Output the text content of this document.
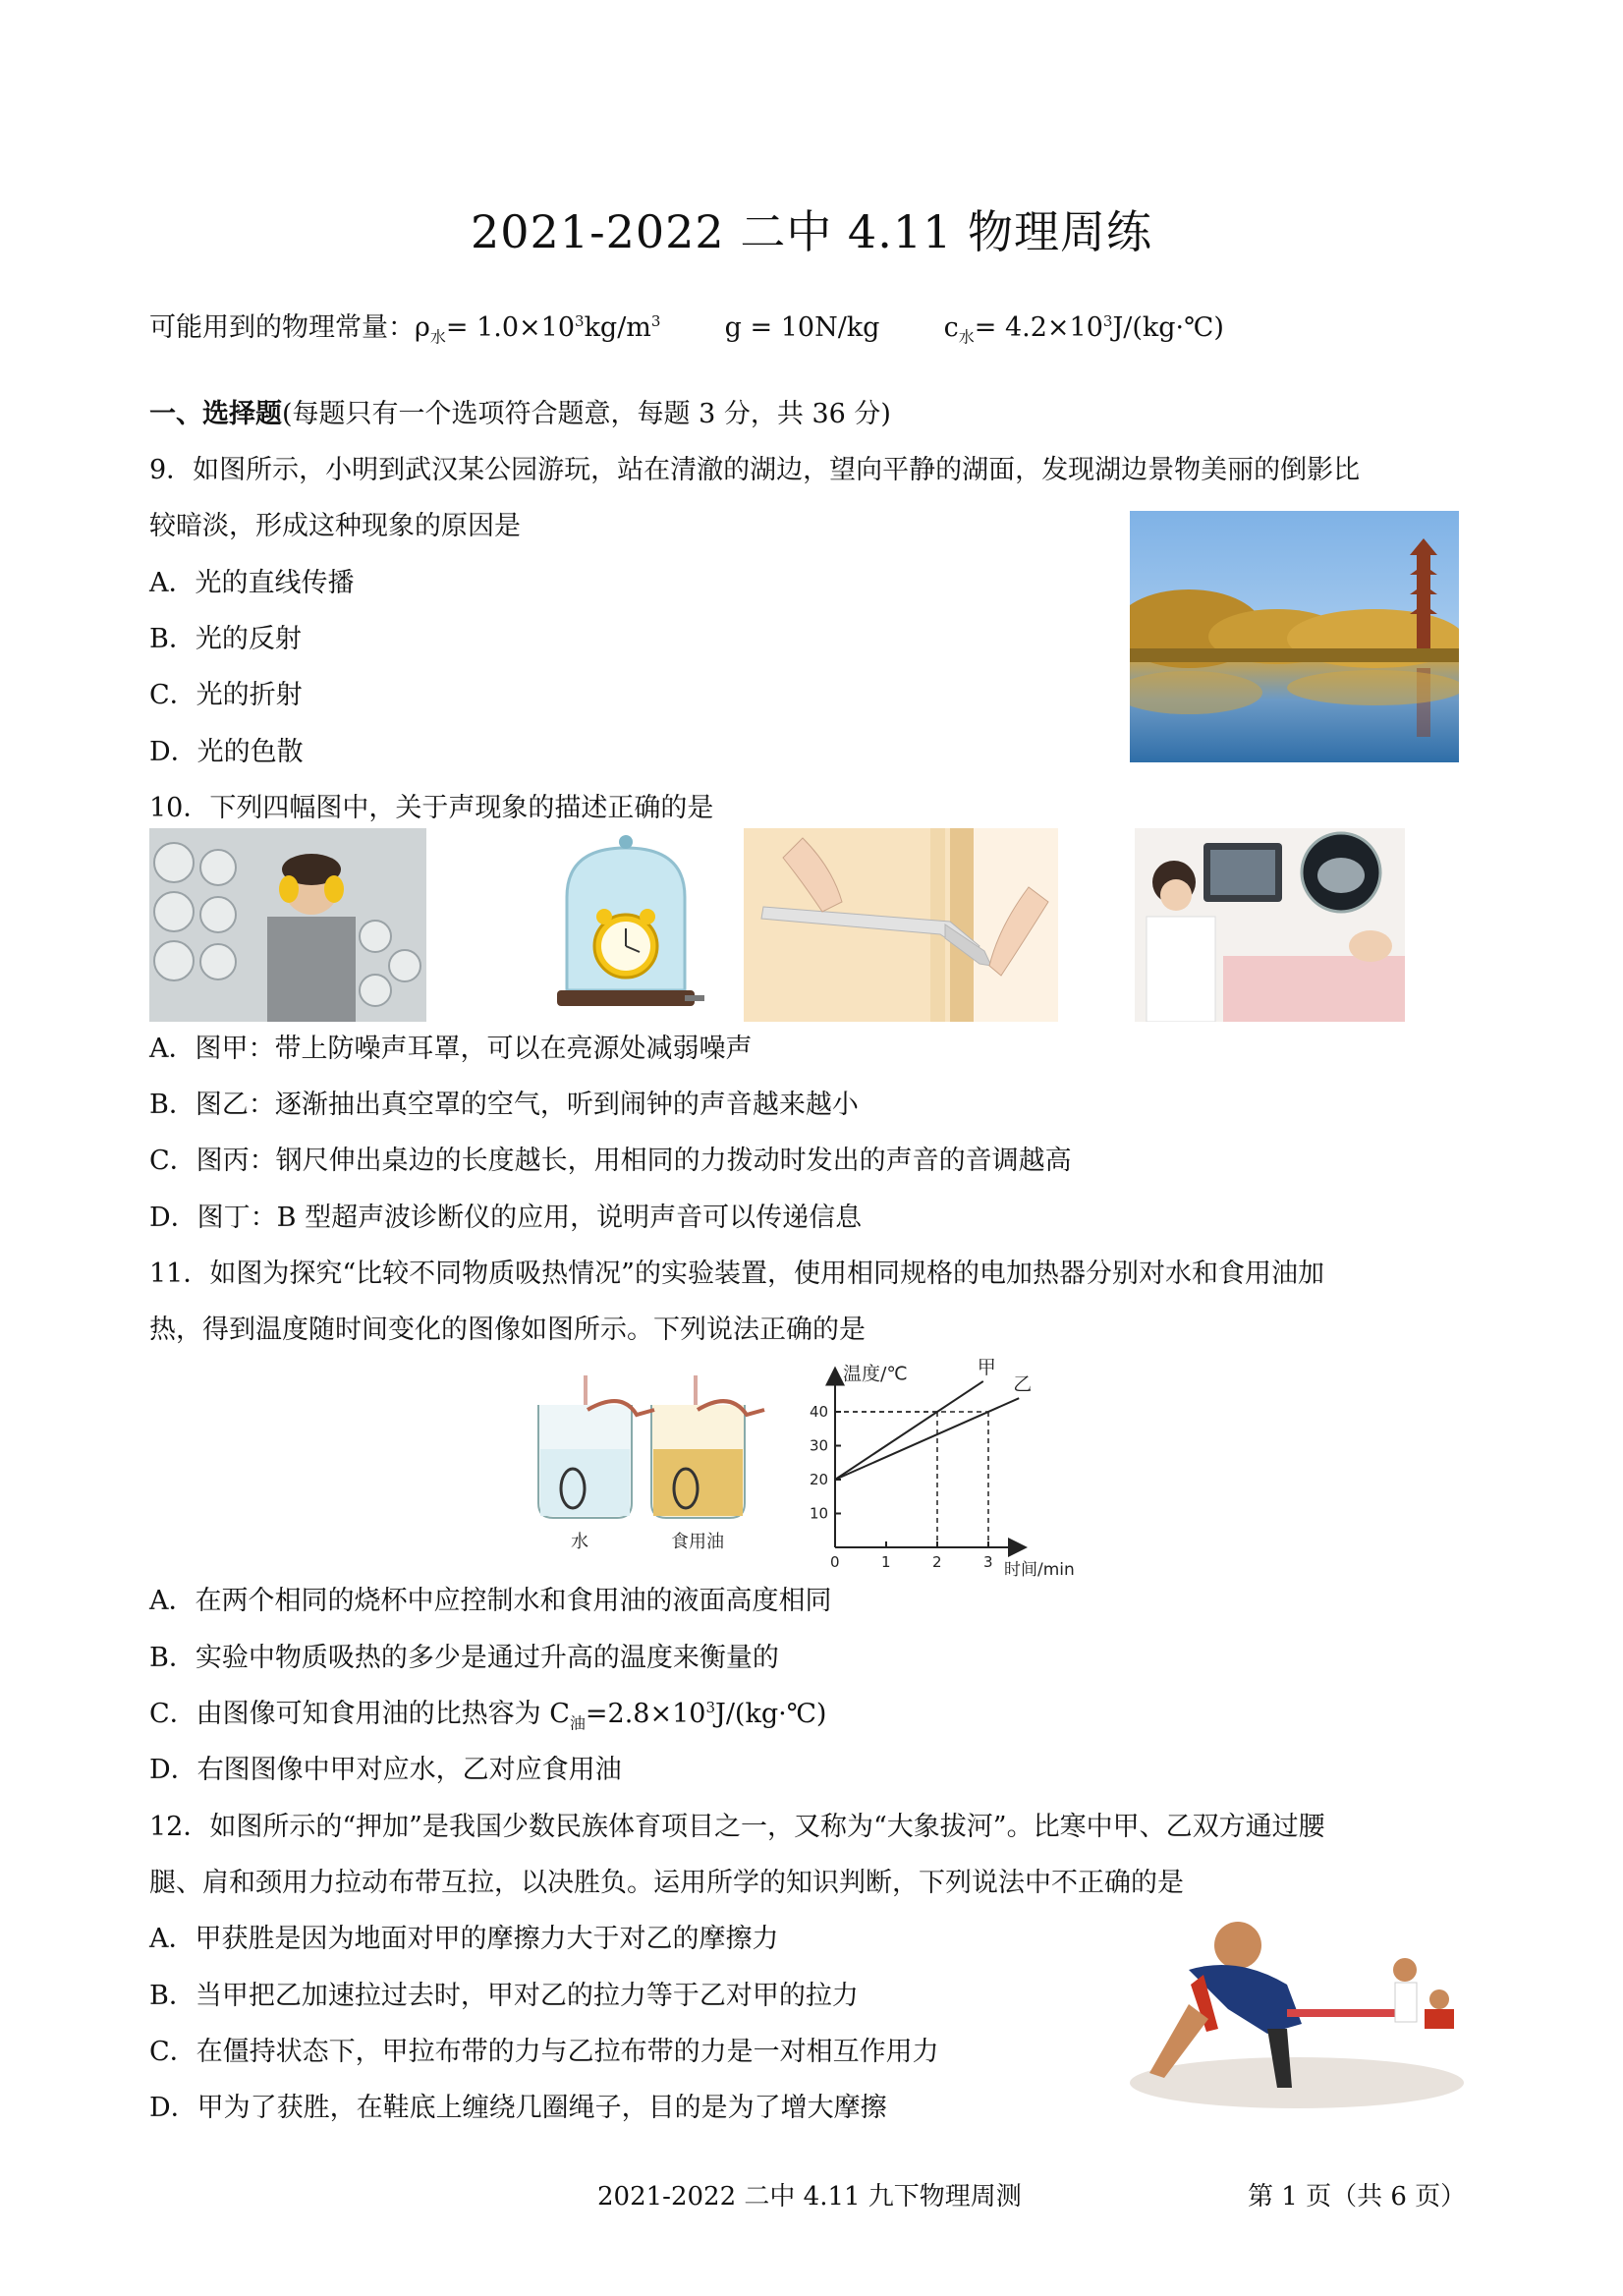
2021-2022 二中 4.11 物理周练
可能用到的物理常量：$\rho_水= 1.0\times 10^3kg/m^3$ g = 10N/kg $c_水=$ $4.2\times 10^3J/(kg\cdot℃)$
一、选择题(每题只有一个选项符合题意，每题 3 分，共 36 分)
9．如图所示，小明到武汉某公园游玩，站在清澈的湖边，望向平静的湖面，发现湖边景物美丽的倒影比
较暗淡，形成这种现象的原因是
A．光的直线传播
B．光的反射
C．光的折射
D．光的色散
10．下列四幅图中，关于声现象的描述正确的是
A．图甲：带上防噪声耳罩，可以在亮源处减弱噪声
B．图乙：逐渐抽出真空罩的空气，听到闹钟的声音越来越小
C．图丙：钢尺伸出桌边的长度越长，用相同的力拨动时发出的声音的音调越高
D．图丁：B 型超声波诊断仪的应用，说明声音可以传递信息
11．如图为探究“比较不同物质吸热情况”的实验装置，使用相同规格的电加热器分别对水和食用油加
热，得到温度随时间变化的图像如图所示。下列说法正确的是
水	食用油
0	1	2	3
10
20
30
40
甲
乙
温度/℃
时间/min
A．在两个相同的烧杯中应控制水和食用油的液面高度相同
B．实验中物质吸热的多少是通过升高的温度来衡量的
C．由图像可知食用油的比热容为 $C_油=2.8\times 10^3J/(kg\cdot℃)$
D．右图图像中甲对应水，乙对应食用油
12．如图所示的“押加”是我国少数民族体育项目之一，又称为“大象拔河”。比寒中甲、乙双方通过腰
腿、肩和颈用力拉动布带互拉，以决胜负。运用所学的知识判断，下列说法中不正确的是
A．甲获胜是因为地面对甲的摩擦力大于对乙的摩擦力
B．当甲把乙加速拉过去时，甲对乙的拉力等于乙对甲的拉力
C．在僵持状态下，甲拉布带的力与乙拉布带的力是一对相互作用力
D．甲为了获胜，在鞋底上缠绕几圈绳子，目的是为了增大摩擦
2021-2022 二中 4.11 九下物理周测	第 1 页（共 6 页）
